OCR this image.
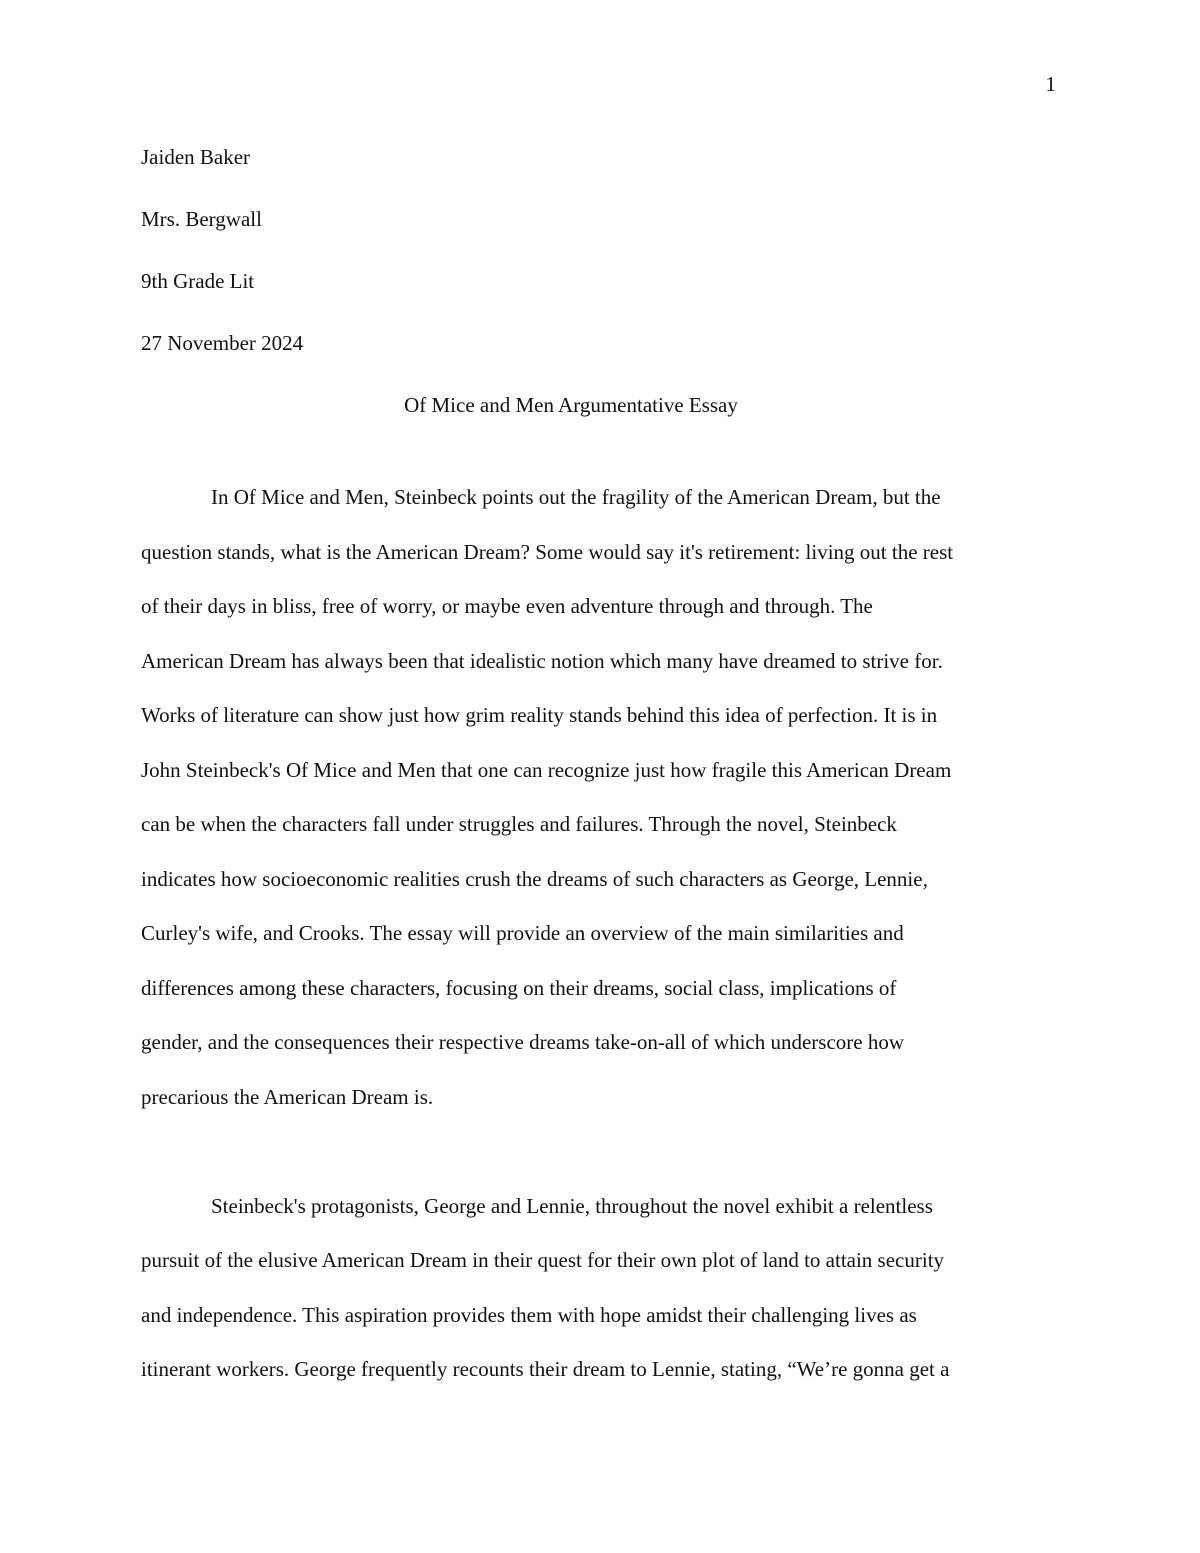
1

Jaiden Baker

Mrs. Bergwall

9th Grade Lit

27 November 2024

Of Mice and Men Argumentative Essay

In Of Mice and Men, Steinbeck points out the fragility of the American Dream, but the
question stands, what is the American Dream? Some would say it's retirement: living out the rest
of their days in bliss, free of worry, or maybe even adventure through and through. The
American Dream has always been that idealistic notion which many have dreamed to strive for.
Works of literature can show just how grim reality stands behind this idea of perfection. It is in
John Steinbeck's Of Mice and Men that one can recognize just how fragile this American Dream
can be when the characters fall under struggles and failures. Through the novel, Steinbeck
indicates how socioeconomic realities crush the dreams of such characters as George, Lennie,
Curley's wife, and Crooks. The essay will provide an overview of the main similarities and
differences among these characters, focusing on their dreams, social class, implications of
gender, and the consequences their respective dreams take-on-all of which underscore how
precarious the American Dream is.
Steinbeck's protagonists, George and Lennie, throughout the novel exhibit a relentless
pursuit of the elusive American Dream in their quest for their own plot of land to attain security
and independence. This aspiration provides them with hope amidst their challenging lives as
itinerant workers. George frequently recounts their dream to Lennie, stating, “We’re gonna get a
